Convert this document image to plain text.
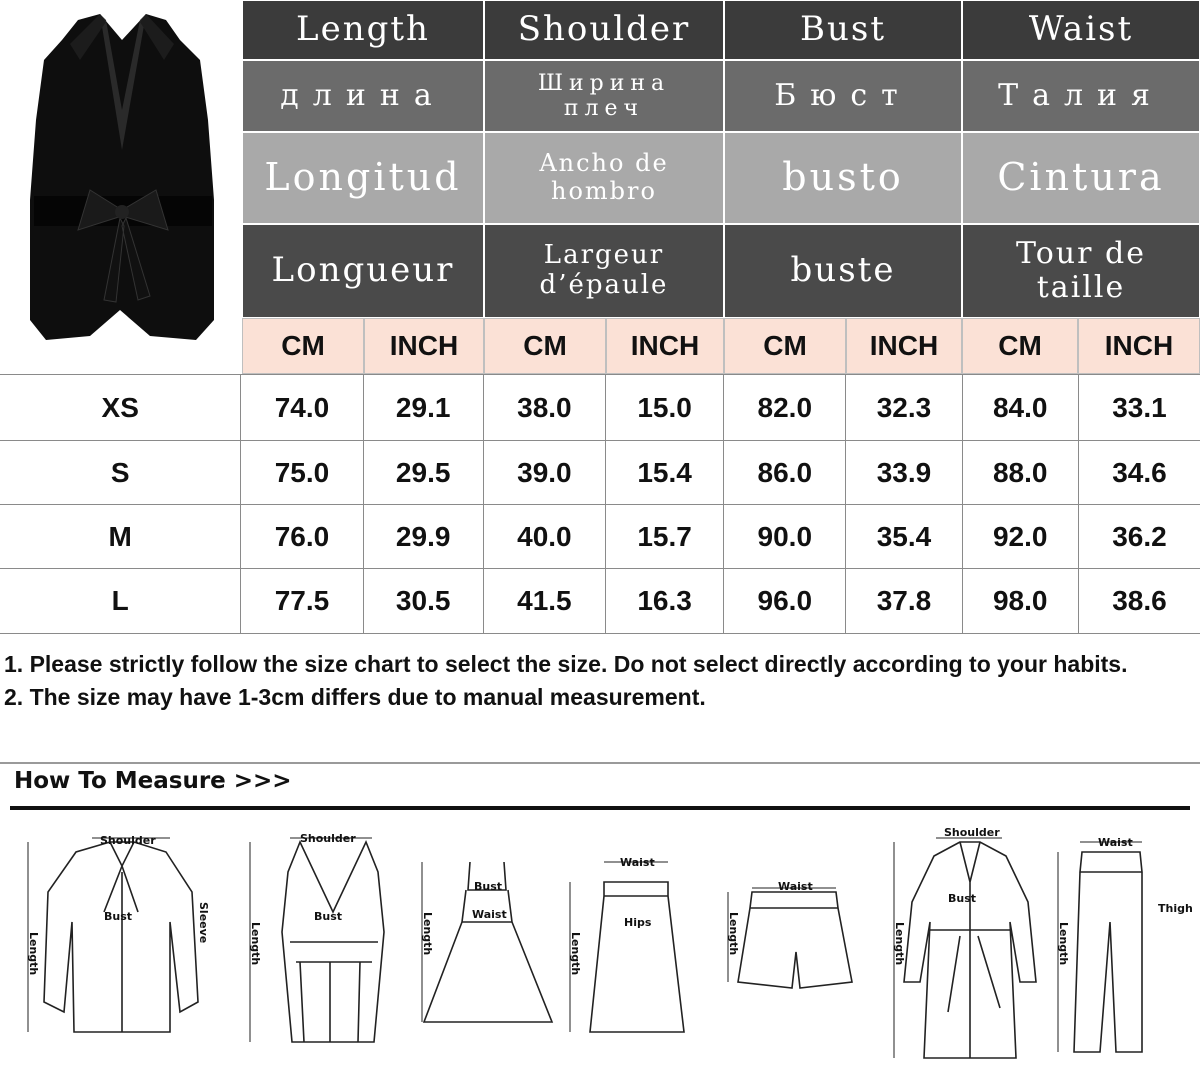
Length	Shoulder	Bust	Waist
длина	Ширина плеч	Бюст	Талия
Longitud	Ancho de hombro	busto	Cintura
Longueur	Largeur d’épaule	buste	Tour de taille
CM	INCH	CM	INCH	CM	INCH	CM	INCH
XS	74.0	29.1	38.0	15.0	82.0	32.3	84.0	33.1
S	75.0	29.5	39.0	15.4	86.0	33.9	88.0	34.6
M	76.0	29.9	40.0	15.7	90.0	35.4	92.0	36.2
L	77.5	30.5	41.5	16.3	96.0	37.8	98.0	38.6

1. Please strictly follow the size chart to select the size. Do not select directly according to your habits.

2. The size may have 1-3cm differs due to manual measurement.

How To Measure >>>
Shoulder
Bust	Sleeve
Length
Shoulder
Bust
Length
Bust
Waist
Length
Waist
Hips
Length
Waist
Length
Shoulder
Bust
Length
Waist
Thigh
Length
